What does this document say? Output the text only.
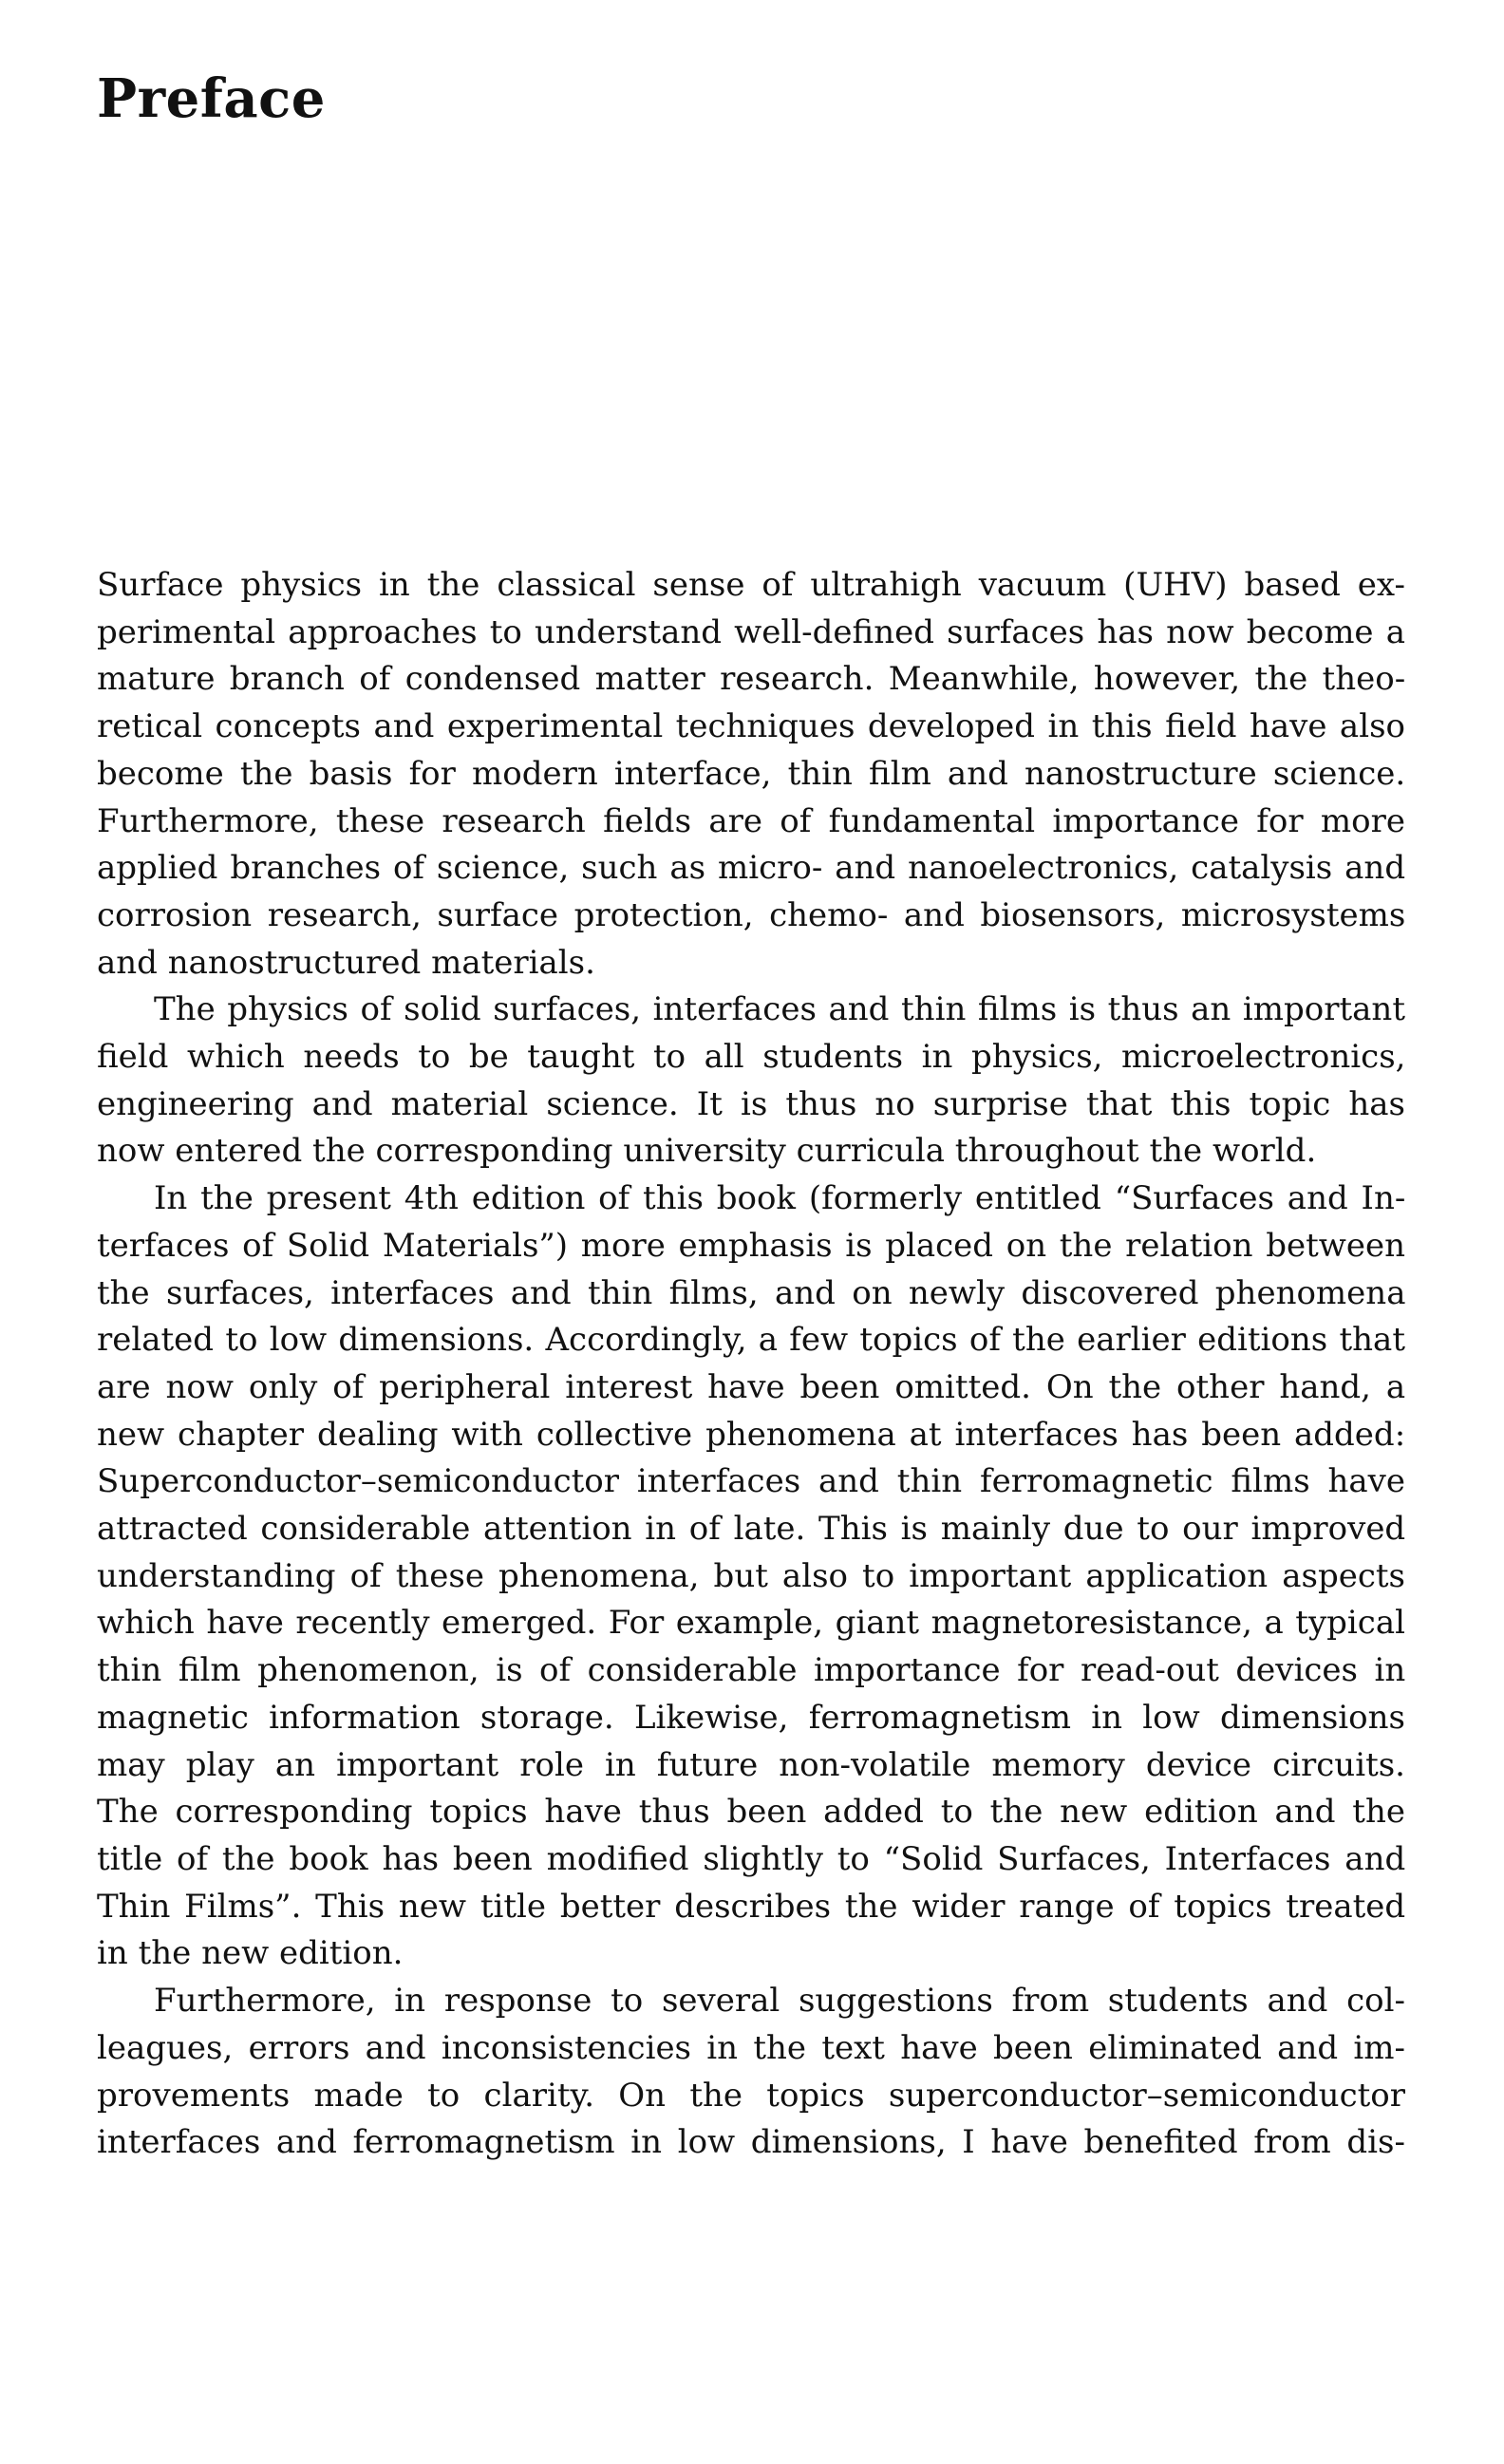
Preface

Surface physics in the classical sense of ultrahigh vacuum (UHV) based ex-
perimental approaches to understand well-defined surfaces has now become a
mature branch of condensed matter research. Meanwhile, however, the theo-
retical concepts and experimental techniques developed in this field have also
become the basis for modern interface, thin film and nanostructure science.
Furthermore, these research fields are of fundamental importance for more
applied branches of science, such as micro- and nanoelectronics, catalysis and
corrosion research, surface protection, chemo- and biosensors, microsystems
and nanostructured materials.

The physics of solid surfaces, interfaces and thin films is thus an important
field which needs to be taught to all students in physics, microelectronics,
engineering and material science. It is thus no surprise that this topic has
now entered the corresponding university curricula throughout the world.

In the present 4th edition of this book (formerly entitled “Surfaces and In-
terfaces of Solid Materials”) more emphasis is placed on the relation between
the surfaces, interfaces and thin films, and on newly discovered phenomena
related to low dimensions. Accordingly, a few topics of the earlier editions that
are now only of peripheral interest have been omitted. On the other hand, a
new chapter dealing with collective phenomena at interfaces has been added:
Superconductor–semiconductor interfaces and thin ferromagnetic films have
attracted considerable attention in of late. This is mainly due to our improved
understanding of these phenomena, but also to important application aspects
which have recently emerged. For example, giant magnetoresistance, a typical
thin film phenomenon, is of considerable importance for read-out devices in
magnetic information storage. Likewise, ferromagnetism in low dimensions
may play an important role in future non-volatile memory device circuits.
The corresponding topics have thus been added to the new edition and the
title of the book has been modified slightly to “Solid Surfaces, Interfaces and
Thin Films”. This new title better describes the wider range of topics treated
in the new edition.

Furthermore, in response to several suggestions from students and col-
leagues, errors and inconsistencies in the text have been eliminated and im-
provements made to clarity. On the topics superconductor–semiconductor
interfaces and ferromagnetism in low dimensions, I have benefited from dis-
